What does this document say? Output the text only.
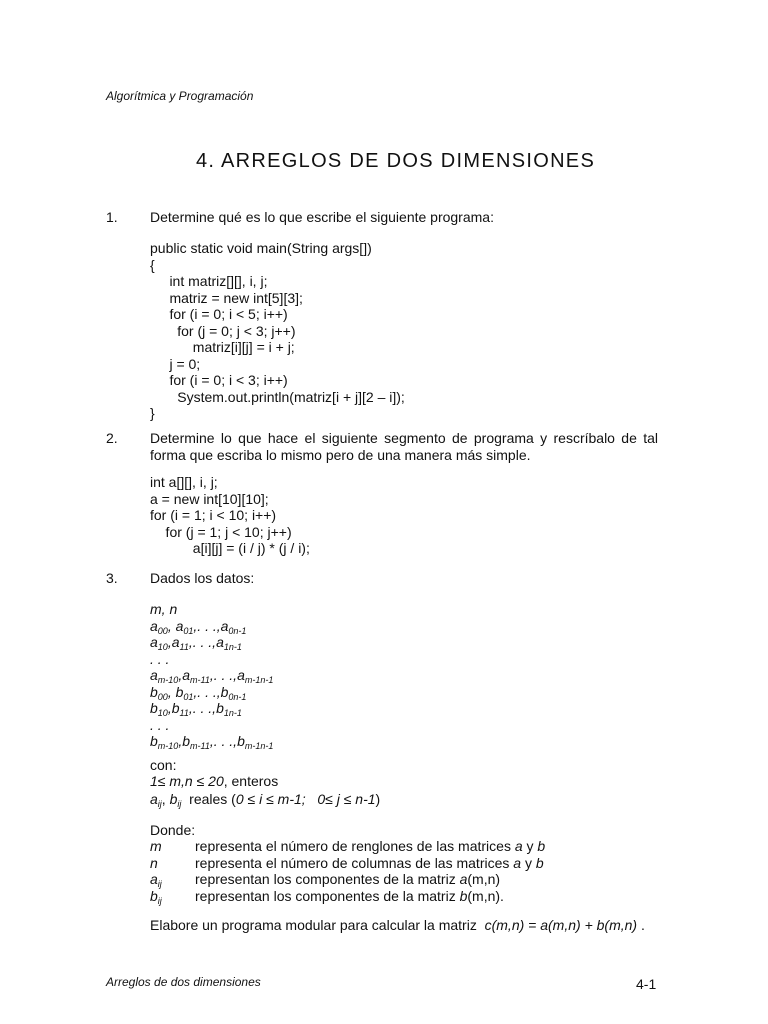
Algorítmica y Programación
4. ARREGLOS DE DOS DIMENSIONES
1. Determine qué es lo que escribe el siguiente programa:
public static void main(String args[])
{
int matriz[][], i, j;
matriz = new int[5][3];
for (i = 0; i < 5; i++)
for (j = 0; j < 3; j++)
matriz[i][j] = i + j;
j = 0;
for (i = 0; i < 3; i++)
System.out.println(matriz[i + j][2 – i]);
}
2. Determine lo que hace el siguiente segmento de programa y rescríbalo de tal forma que escriba lo mismo pero de una manera más simple.
int a[][], i, j;
a = new int[10][10];
for (i = 1; i < 10; i++)
for (j = 1; j < 10; j++)
a[i][j] = (i / j) * (j / i);
3. Dados los datos:
m, n
$a_{00}$, $a_{01}$,. . $.,a_{0n-1}$
$a_{10},a_{11}$,. . $.,a_{1n-1}$
. . .
$a_{m-10},a_{m-11}$,. . $.,a_{m-1n-1}$
$b_{00}$, $b_{01}$,. . $.,b_{0n-1}$
$b_{10},b_{11}$,. . $.,b_{1n-1}$
. . .
$b_{m-10},b_{m-11}$,. . $.,b_{m-1n-1}$
con:
1≤ m,n ≤ 20, enteros
$a_{ij}$, $b_{ij}$ reales (0 ≤ i ≤ m-1; 0≤ j ≤ n-1)
Donde:
m	representa el número de renglones de las matrices a y b
n	representa el número de columnas de las matrices a y b
$a_{ij}$	representan los componentes de la matriz a(m,n)
$b_{ij}$	representan los componentes de la matriz b(m,n).
Elabore un programa modular para calcular la matriz c(m,n) = a(m,n) + b(m,n) .
Arreglos de dos dimensiones	4-1
